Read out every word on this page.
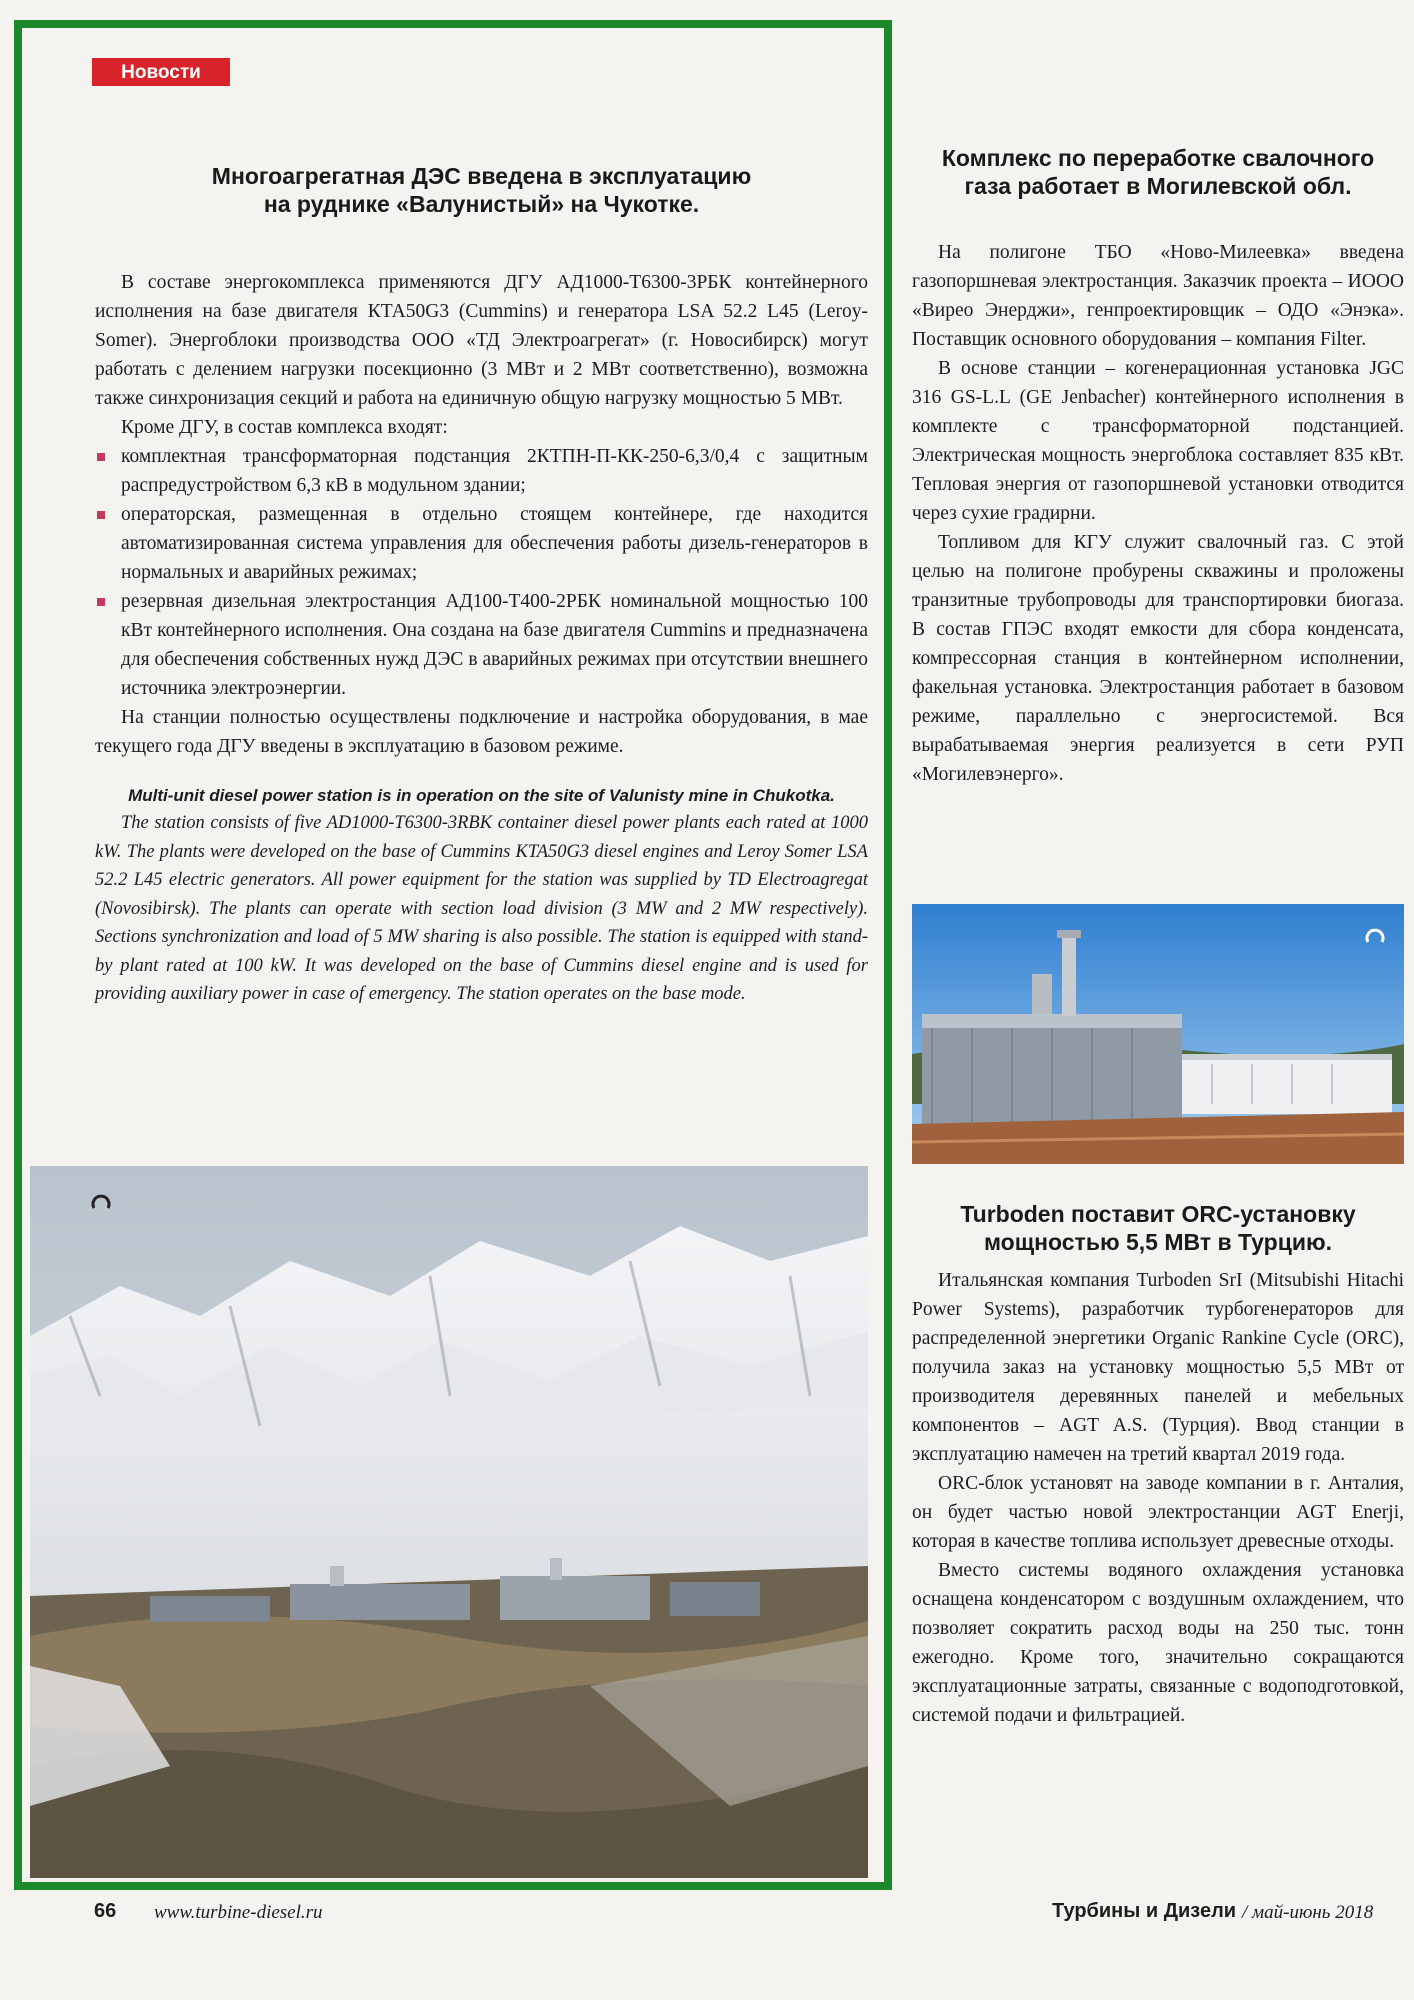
Новости
Многоагрегатная ДЭС введена в эксплуатацию
на руднике «Валунистый» на Чукотке.

В составе энергокомплекса применяются ДГУ АД1000-Т6300-3РБК контейнерного исполнения на базе двигателя КТА50G3 (Cummins) и генератора LSA 52.2 L45 (Leroy-Somer). Энергоблоки производства ООО «ТД Электроагрегат» (г. Новосибирск) могут работать с делением нагрузки посекционно (3 МВт и 2 МВт соответственно), возможна также синхронизация секций и работа на единичную общую нагрузку мощностью 5 МВт.

Кроме ДГУ, в состав комплекса входят:

комплектная трансформаторная подстанция 2КТПН-П-КК-250-6,3/0,4 с защитным распредустройством 6,3 кВ в модульном здании;
операторская, размещенная в отдельно стоящем контейнере, где находится автоматизированная система управления для обеспечения работы дизель-генераторов в нормальных и аварийных режимах;
резервная дизельная электростанция АД100-Т400-2РБК номинальной мощностью 100 кВт контейнерного исполнения. Она создана на базе двигателя Cummins и предназначена для обеспечения собственных нужд ДЭС в аварийных режимах при отсутствии внешнего источника электроэнергии.

На станции полностью осуществлены подключение и настройка оборудования, в мае текущего года ДГУ введены в эксплуатацию в базовом режиме.

Multi-unit diesel power station is in operation on the site of Valunisty mine in Chukotka.

The station consists of five AD1000-T6300-3RBK container diesel power plants each rated at 1000 kW. The plants were developed on the base of Cummins KTA50G3 diesel engines and Leroy Somer LSA 52.2 L45 electric generators. All power equipment for the station was supplied by TD Electroagregat (Novosibirsk). The plants can operate with section load division (3 MW and 2 MW respectively). Sections synchronization and load of 5 MW sharing is also possible. The station is equipped with stand-by plant rated at 100 kW. It was developed on the base of Cummins diesel engine and is used for providing auxiliary power in case of emergency. The station operates on the base mode.

Комплекс по переработке свалочного
газа работает в Могилевской обл.

На полигоне ТБО «Ново-Милеевка» введена газопоршневая электростанция. Заказчик проекта – ИООО «Виреo Энерджи», генпроектировщик – ОДО «Энэка». Поставщик основного оборудования – компания Filter.

В основе станции – когенерационная установка JGC 316 GS-L.L (GE Jenbacher) контейнерного исполнения в комплекте с трансформаторной подстанцией. Электрическая мощность энергоблока составляет 835 кВт. Тепловая энергия от газопоршневой установки отводится через сухие градирни.

Топливом для КГУ служит свалочный газ. С этой целью на полигоне пробурены скважины и проложены транзитные трубопроводы для транспортировки биогаза. В состав ГПЭС входят емкости для сбора конденсата, компрессорная станция в контейнерном исполнении, факельная установка. Электростанция работает в базовом режиме, параллельно с энергосистемой. Вся вырабатываемая энергия реализуется в сети РУП «Могилевэнерго».

Turboden поставит ORC-установку
мощностью 5,5 МВт в Турцию.

Итальянская компания Turboden SrI (Mitsubishi Hitachi Power Systems), разработчик турбогенераторов для распределенной энергетики Organic Rankine Cycle (ORC), получила заказ на установку мощностью 5,5 МВт от производителя деревянных панелей и мебельных компонентов – AGT A.S. (Турция). Ввод станции в эксплуатацию намечен на третий квартал 2019 года.

ORC-блок установят на заводе компании в г. Анталия, он будет частью новой электростанции AGT Enerji, которая в качестве топлива использует древесные отходы.

Вместо системы водяного охлаждения установка оснащена конденсатором с воздушным охлаждением, что позволяет сократить расход воды на 250 тыс. тонн ежегодно. Кроме того, значительно сокращаются эксплуатационные затраты, связанные с водоподготовкой, системой подачи и фильтрацией.

66 www.turbine-diesel.ru	Турбины и Дизели / май-июнь 2018
